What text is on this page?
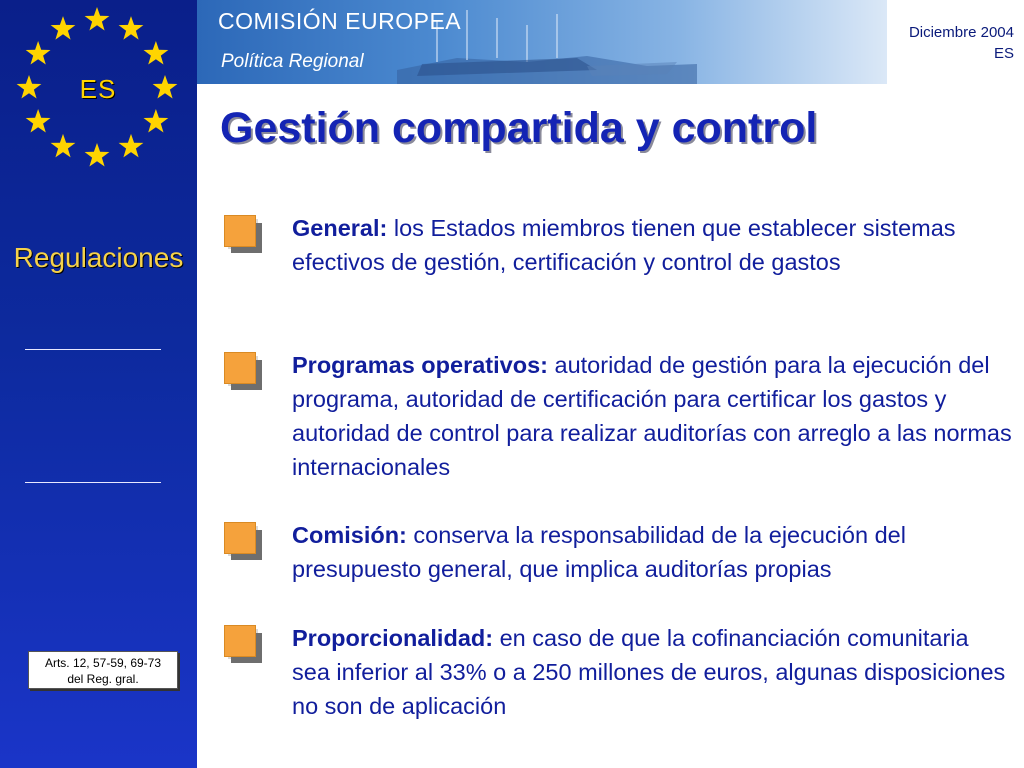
ES
Regulaciones
Arts. 12, 57-59, 69-73
del Reg. gral.
COMISIÓN EUROPEA
Política Regional
Diciembre 2004
ES
Gestión compartida y control
General: los Estados miembros tienen que establecer sistemas efectivos de gestión, certificación y control de gastos
Programas operativos: autoridad de gestión para la ejecución del programa, autoridad de certificación para certificar los gastos y autoridad de control para realizar auditorías con arreglo a las normas internacionales
Comisión: conserva la responsabilidad de la ejecución del presupuesto general, que implica auditorías propias
Proporcionalidad: en caso de que la cofinanciación comunitaria sea inferior al 33% o a 250 millones de euros, algunas disposiciones no son de aplicación
